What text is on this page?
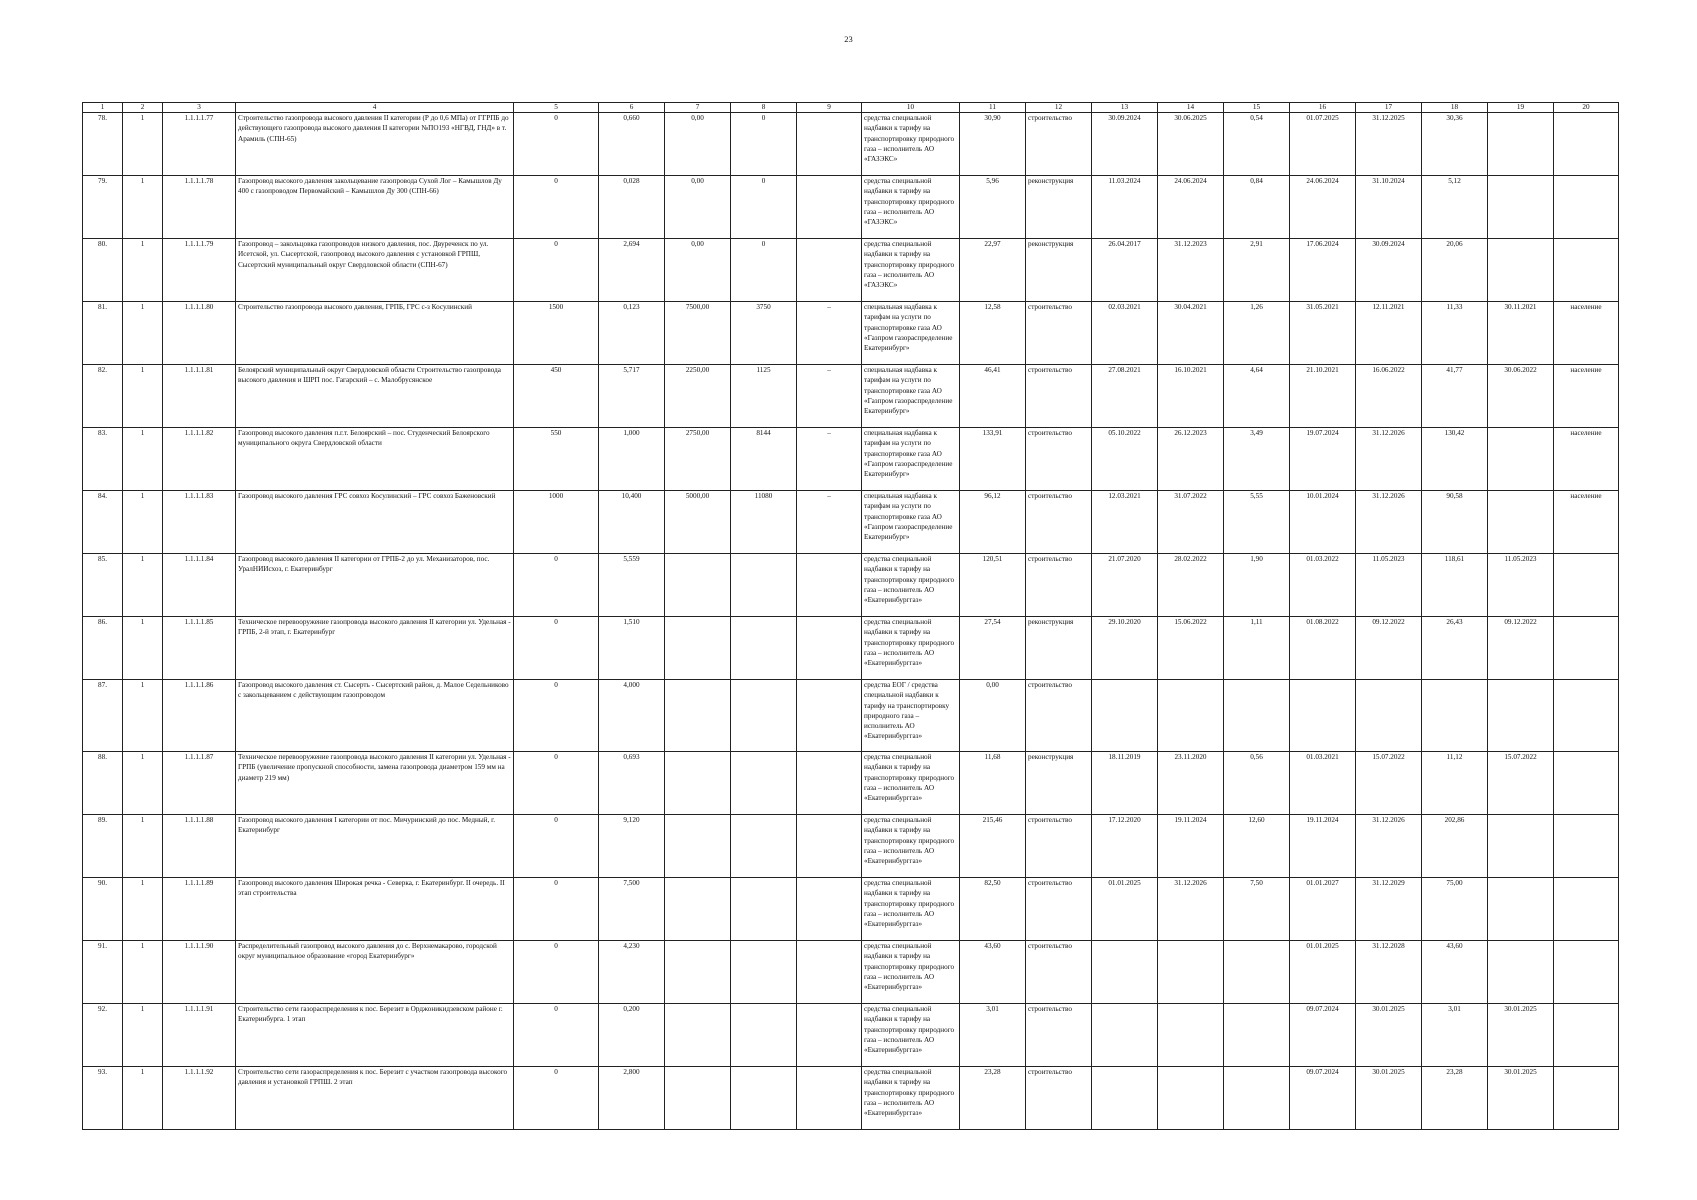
23
1	2	3	4	5	6	7	8	9	10	11	12	13	14	15	16	17	18	19	20
78.	1	1.1.1.1.77	Строительство газопровода высокого давления II категории (Р до 0,6 МПа) от ГГРПБ до действующего газопровода высокого давления II категории №ПО193 «НГВД, ГНД» в т. Арамиль (СПН-65)	0	0,660	0,00	0		средства специальной надбавки к тарифу на транспортировку природного газа – исполнитель АО «ГАЗЭКС»	30,90	строительство	30.09.2024	30.06.2025	0,54	01.07.2025	31.12.2025	30,36		
79.	1	1.1.1.1.78	Газопровод высокого давления закольцевание газопровода Сухой Лог – Камышлов Ду 400 с газопроводом Первомайский – Камышлов Ду 300 (СПН-66)	0	0,028	0,00	0		средства специальной надбавки к тарифу на транспортировку природного газа – исполнитель АО «ГАЗЭКС»	5,96	реконструкция	11.03.2024	24.06.2024	0,84	24.06.2024	31.10.2024	5,12		
80.	1	1.1.1.1.79	Газопровод – закольцовка газопроводов низкого давления, пос. Двуреченск по ул. Исетской, ул. Сысертской, газопровод высокого давления с установкой ГРПШ, Сысертский муниципальный округ Свердловской области (СПН-67)	0	2,694	0,00	0		средства специальной надбавки к тарифу на транспортировку природного газа – исполнитель АО «ГАЗЭКС»	22,97	реконструкция	26.04.2017	31.12.2023	2,91	17.06.2024	30.09.2024	20,06		
81.	1	1.1.1.1.80	Строительство газопровода высокого давления, ГРПБ, ГРС с-з Косулинский	1500	0,123	7500,00	3750	–	специальная надбавка к тарифам на услуги по транспортировке газа АО «Газпром газораспределение Екатеринбург»	12,58	строительство	02.03.2021	30.04.2021	1,26	31.05.2021	12.11.2021	11,33	30.11.2021	население
82.	1	1.1.1.1.81	Белоярский муниципальный округ Свердловской области Строительство газопровода высокого давления и ШРП пос. Гагарский – с. Малобрусянское	450	5,717	2250,00	1125	–	специальная надбавка к тарифам на услуги по транспортировке газа АО «Газпром газораспределение Екатеринбург»	46,41	строительство	27.08.2021	16.10.2021	4,64	21.10.2021	16.06.2022	41,77	30.06.2022	население
83.	1	1.1.1.1.82	Газопровод высокого давления п.г.т. Белоярский – пос. Студенческий Белоярского муниципального округа Свердловской области	550	1,000	2750,00	8144	–	специальная надбавка к тарифам на услуги по транспортировке газа АО «Газпром газораспределение Екатеринбург»	133,91	строительство	05.10.2022	26.12.2023	3,49	19.07.2024	31.12.2026	130,42		население
84.	1	1.1.1.1.83	Газопровод высокого давления ГРС совхоз Косулинский – ГРС совхоз Баженовский	1000	10,400	5000,00	11080	–	специальная надбавка к тарифам на услуги по транспортировке газа АО «Газпром газораспределение Екатеринбург»	96,12	строительство	12.03.2021	31.07.2022	5,55	10.01.2024	31.12.2026	90,58		население
85.	1	1.1.1.1.84	Газопровод высокого давления II категории от ГРПБ-2 до ул. Механизаторов, пос. УралНИИсхоз, г. Екатеринбург	0	5,559				средства специальной надбавки к тарифу на транспортировку природного газа – исполнитель АО «Екатеринбурггаз»	120,51	строительство	21.07.2020	28.02.2022	1,90	01.03.2022	11.05.2023	118,61	11.05.2023	
86.	1	1.1.1.1.85	Техническое перевооружение газопровода высокого давления II категории ул. Удельная - ГРПБ, 2-й этап, г. Екатеринбург	0	1,510				средства специальной надбавки к тарифу на транспортировку природного газа – исполнитель АО «Екатеринбурггаз»	27,54	реконструкция	29.10.2020	15.06.2022	1,11	01.08.2022	09.12.2022	26,43	09.12.2022	
87.	1	1.1.1.1.86	Газопровод высокого давления ст. Сысерть - Сысертский район, д. Малое Седельниково с закольцеванием с действующим газопроводом	0	4,000				средства ЕОГ / средства специальной надбавки к тарифу на транспортировку природного газа – исполнитель АО «Екатеринбурггаз»	0,00	строительство								
88.	1	1.1.1.1.87	Техническое перевооружение газопровода высокого давления II категории ул. Удельная - ГРПБ (увеличение пропускной способности, замена газопровода диаметром 159 мм на диаметр 219 мм)	0	0,693				средства специальной надбавки к тарифу на транспортировку природного газа – исполнитель АО «Екатеринбурггаз»	11,68	реконструкция	18.11.2019	23.11.2020	0,56	01.03.2021	15.07.2022	11,12	15.07.2022	
89.	1	1.1.1.1.88	Газопровод высокого давления I категории от пос. Мичуринский до пос. Медный, г. Екатеринбург	0	9,120				средства специальной надбавки к тарифу на транспортировку природного газа – исполнитель АО «Екатеринбурггаз»	215,46	строительство	17.12.2020	19.11.2024	12,60	19.11.2024	31.12.2026	202,86		
90.	1	1.1.1.1.89	Газопровод высокого давления Широкая речка - Северка, г. Екатеринбург. II очередь. II этап строительства	0	7,500				средства специальной надбавки к тарифу на транспортировку природного газа – исполнитель АО «Екатеринбурггаз»	82,50	строительство	01.01.2025	31.12.2026	7,50	01.01.2027	31.12.2029	75,00		
91.	1	1.1.1.1.90	Распределительный газопровод высокого давления до с. Верхнемакарово, городской округ муниципальное образование «город Екатеринбург»	0	4,230				средства специальной надбавки к тарифу на транспортировку природного газа – исполнитель АО «Екатеринбурггаз»	43,60	строительство				01.01.2025	31.12.2028	43,60		
92.	1	1.1.1.1.91	Строительство сети газораспределения к пос. Березит в Орджоникидзевском районе г. Екатеринбурга. 1 этап	0	0,200				средства специальной надбавки к тарифу на транспортировку природного газа – исполнитель АО «Екатеринбурггаз»	3,01	строительство				09.07.2024	30.01.2025	3,01	30.01.2025	
93.	1	1.1.1.1.92	Строительство сети газораспределения к пос. Березит с участком газопровода высокого давления и установкой ГРПШ. 2 этап	0	2,800				средства специальной надбавки к тарифу на транспортировку природного газа – исполнитель АО «Екатеринбурггаз»	23,28	строительство				09.07.2024	30.01.2025	23,28	30.01.2025	
